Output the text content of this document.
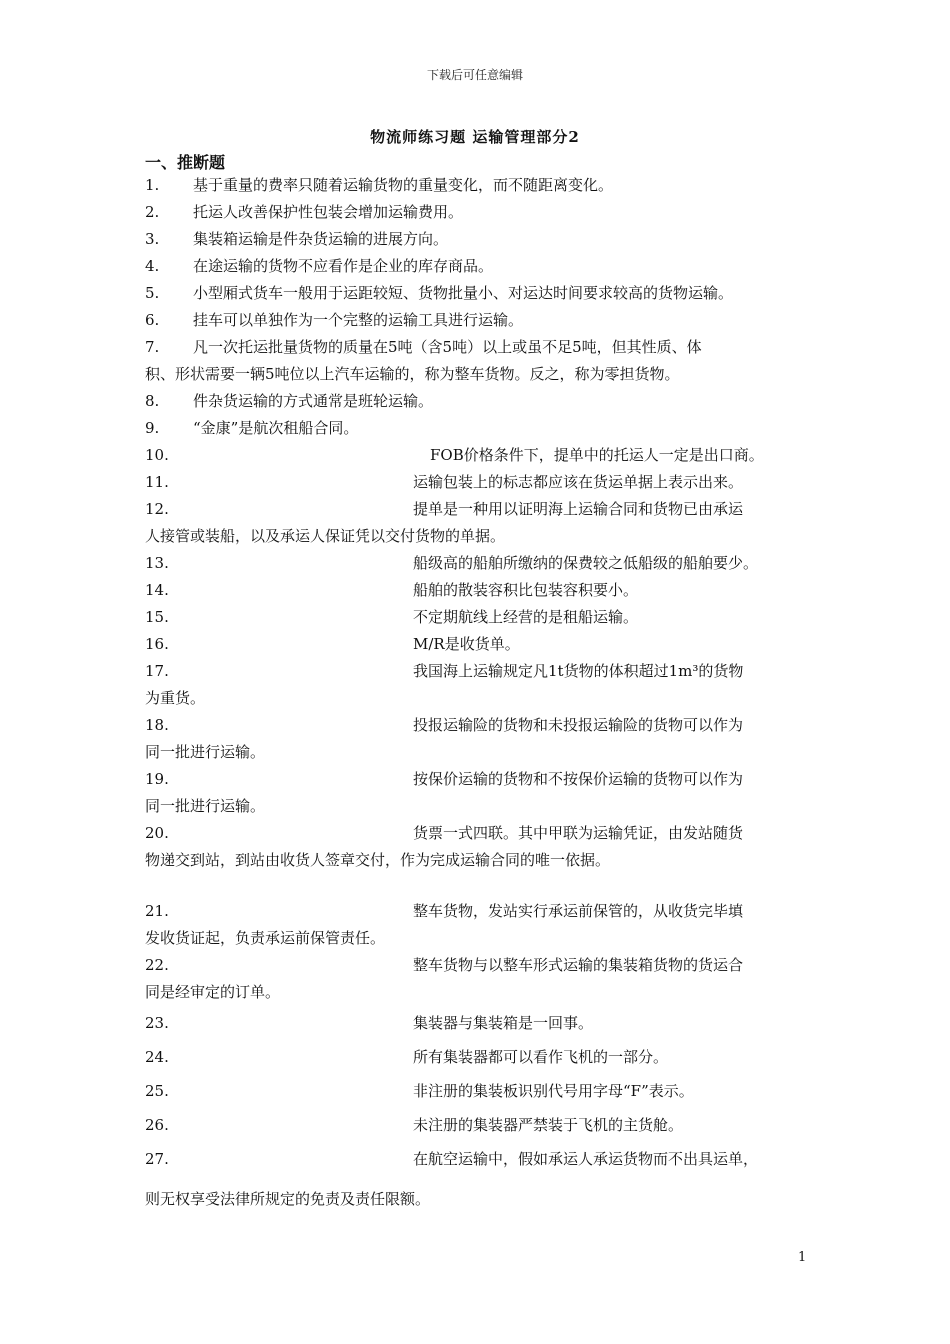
下载后可任意编辑
物流师练习题 运输管理部分2
一、推断题
1. 基于重量的费率只随着运输货物的重量变化，而不随距离变化。
2. 托运人改善保护性包装会增加运输费用。
3. 集装箱运输是件杂货运输的进展方向。
4. 在途运输的货物不应看作是企业的库存商品。
5. 小型厢式货车一般用于运距较短、货物批量小、对运达时间要求较高的货物运输。
6. 挂车可以单独作为一个完整的运输工具进行运输。
7. 凡一次托运批量货物的质量在5吨（含5吨）以上或虽不足5吨，但其性质、体
积、形状需要一辆5吨位以上汽车运输的，称为整车货物。反之，称为零担货物。
8. 件杂货运输的方式通常是班轮运输。
9. “金康”是航次租船合同。
10.	FOB价格条件下，提单中的托运人一定是出口商。
11.	运输包装上的标志都应该在货运单据上表示出来。
12.	提单是一种用以证明海上运输合同和货物已由承运
人接管或装船，以及承运人保证凭以交付货物的单据。
13.	船级高的船舶所缴纳的保费较之低船级的船舶要少。
14.	船舶的散装容积比包装容积要小。
15.	不定期航线上经营的是租船运输。
16.	M/R是收货单。
17.	我国海上运输规定凡1t货物的体积超过1m³的货物
为重货。
18.	投报运输险的货物和未投报运输险的货物可以作为
同一批进行运输。
19.	按保价运输的货物和不按保价运输的货物可以作为
同一批进行运输。
20.	货票一式四联。其中甲联为运输凭证，由发站随货
物递交到站，到站由收货人签章交付，作为完成运输合同的唯一依据。
21.	整车货物，发站实行承运前保管的，从收货完毕填
发收货证起，负责承运前保管责任。
22.	整车货物与以整车形式运输的集装箱货物的货运合
同是经审定的订单。
23.	集装器与集装箱是一回事。
24.	所有集装器都可以看作飞机的一部分。
25.	非注册的集装板识别代号用字母“F”表示。
26.	未注册的集装器严禁装于飞机的主货舱。
27.	在航空运输中，假如承运人承运货物而不出具运单，
则无权享受法律所规定的免责及责任限额。
1
